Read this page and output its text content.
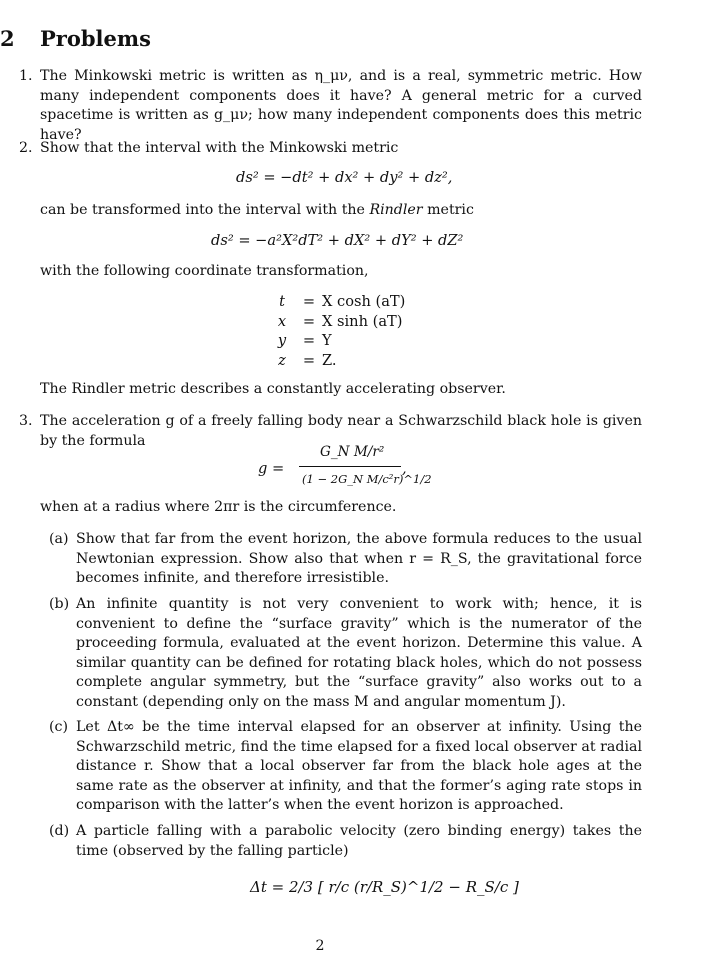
2 Problems
1. The Minkowski metric is written as η_μν, and is a real, symmetric metric. How many independent components does it have? A general metric for a curved spacetime is written as g_μν; how many independent components does this metric have?

2. Show that the interval with the Minkowski metric

ds² = −dt² + dx² + dy² + dz²,

can be transformed into the interval with the Rindler metric

ds² = −a²X²dT² + dX² + dY² + dZ²

with the following coordinate transformation,

t	=	X cosh (aT)
x	=	X sinh (aT)
y	=	Y
z	=	Z.

The Rindler metric describes a constantly accelerating observer.

3. The acceleration g of a freely falling body near a Schwarzschild black hole is given by the formula

g =
G_N M/r²
(1 − 2G_N M/c²r)^1/2
,

when at a radius where 2πr is the circumference.

(a) Show that far from the event horizon, the above formula reduces to the usual Newtonian expression. Show also that when r = R_S, the gravitational force becomes infinite, and therefore irresistible.

(b) An infinite quantity is not very convenient to work with; hence, it is convenient to define the “surface gravity” which is the numerator of the proceeding formula, evaluated at the event horizon. Determine this value. A similar quantity can be defined for rotating black holes, which do not possess complete angular symmetry, but the “surface gravity” also works out to a constant (depending only on the mass M and angular momentum J).

(c) Let Δt∞ be the time interval elapsed for an observer at infinity. Using the Schwarzschild metric, find the time elapsed for a fixed local observer at radial distance r. Show that a local observer far from the black hole ages at the same rate as the observer at infinity, and that the former’s aging rate stops in comparison with the latter’s when the event horizon is approached.

(d) A particle falling with a parabolic velocity (zero binding energy) takes the time (observed by the falling particle)

Δt = 2/3 [ r/c (r/R_S)^1/2 − R_S/c ]
2
